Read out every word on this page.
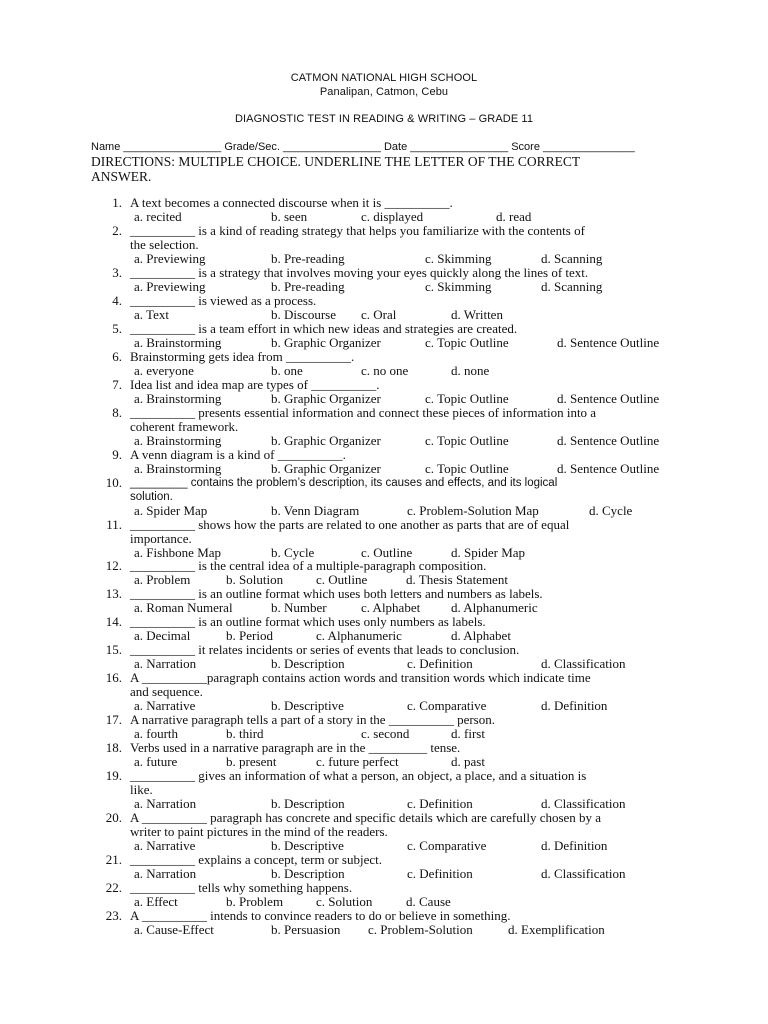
CATMON NATIONAL HIGH SCHOOL
Panalipan, Catmon, Cebu
DIAGNOSTIC TEST IN READING & WRITING – GRADE 11
Name ________________ Grade/Sec. ________________ Date ________________ Score _______________
DIRECTIONS: MULTIPLE CHOICE. UNDERLINE THE LETTER OF THE CORRECT
ANSWER.
1. A text becomes a connected discourse when it is __________.
a. recited	b. seen	c. displayed	d. read
2. __________ is a kind of reading strategy that helps you familiarize with the contents of
the selection.
a. Previewing	b. Pre-reading	c. Skimming	d. Scanning
3. __________ is a strategy that involves moving your eyes quickly along the lines of text.
a. Previewing	b. Pre-reading	c. Skimming	d. Scanning
4. __________ is viewed as a process.
a. Text	b. Discourse c. Oral	d. Written
5. __________ is a team effort in which new ideas and strategies are created.
a. Brainstorming	b. Graphic Organizer	c. Topic Outline	d. Sentence Outline
6. Brainstorming gets idea from __________.
a. everyone	b. one	c. no one	d. none
7. Idea list and idea map are types of __________.
a. Brainstorming	b. Graphic Organizer	c. Topic Outline	d. Sentence Outline
8. __________ presents essential information and connect these pieces of information into a
coherent framework.
a. Brainstorming	b. Graphic Organizer	c. Topic Outline	d. Sentence Outline
9. A venn diagram is a kind of __________.
a. Brainstorming	b. Graphic Organizer	c. Topic Outline	d. Sentence Outline
10. _________ contains the problem’s description, its causes and effects, and its logical
solution.
a. Spider Map	b. Venn Diagram	c. Problem-Solution Map	d. Cycle
11. __________ shows how the parts are related to one another as parts that are of equal
importance.
a. Fishbone Map	b. Cycle	c. Outline	d. Spider Map
12. __________ is the central idea of a multiple-paragraph composition.
a. Problem	b. Solution	c. Outline	d. Thesis Statement
13. __________ is an outline format which uses both letters and numbers as labels.
a. Roman Numeral	b. Number	c. Alphabet d. Alphanumeric
14. __________ is an outline format which uses only numbers as labels.
a. Decimal	b. Period	c. Alphanumeric	d. Alphabet
15. __________ it relates incidents or series of events that leads to conclusion.
a. Narration	b. Description	c. Definition	d. Classification
16. A __________paragraph contains action words and transition words which indicate time
and sequence.
a. Narrative	b. Descriptive	c. Comparative	d. Definition
17. A narrative paragraph tells a part of a story in the __________ person.
a. fourth	b. third	c. second	d. first
18. Verbs used in a narrative paragraph are in the _________ tense.
a. future	b. present	c. future perfect	d. past
19. __________ gives an information of what a person, an object, a place, and a situation is
like.
a. Narration	b. Description	c. Definition	d. Classification
20. A __________ paragraph has concrete and specific details which are carefully chosen by a
writer to paint pictures in the mind of the readers.
a. Narrative	b. Descriptive	c. Comparative	d. Definition
21. __________ explains a concept, term or subject.
a. Narration	b. Description	c. Definition	d. Classification
22. __________ tells why something happens.
a. Effect	b. Problem	c. Solution	d. Cause
23. A __________ intends to convince readers to do or believe in something.
a. Cause-Effect	b. Persuasion c. Problem-Solution	d. Exemplification
